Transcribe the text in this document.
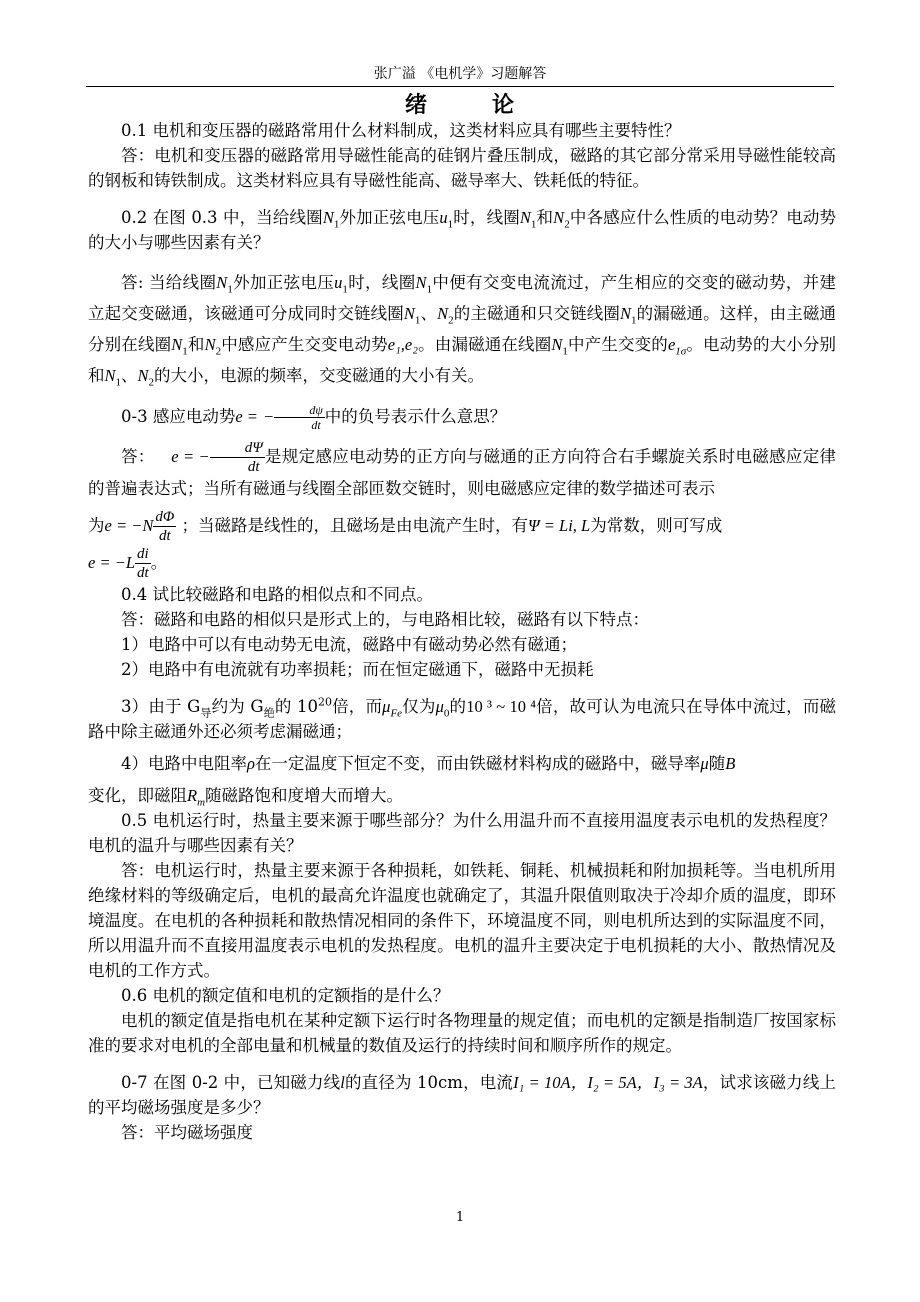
张广溢 《电机学》习题解答
绪	论

0.1 电机和变压器的磁路常用什么材料制成，这类材料应具有哪些主要特性？

答：电机和变压器的磁路常用导磁性能高的硅钢片叠压制成，磁路的其它部分常采用导磁性能较高的钢板和铸铁制成。这类材料应具有导磁性能高、磁导率大、铁耗低的特征。

0.2 在图 0.3 中，当给线圈$N_1$外加正弦电压$u_1$时，线圈$N_1$和$N_2$中各感应什么性质的电动势？电动势的大小与哪些因素有关？

答: 当给线圈$N_1$外加正弦电压$u_1$时，线圈$N_1$中便有交变电流流过，产生相应的交变的磁动势，并建立起交变磁通，该磁通可分成同时交链线圈$N_1$、$N_2$的主磁通和只交链线圈$N_1$的漏磁通。这样，由主磁通分别在线圈$N_1$和$N_2$中感应产生交变电动势e₁,e₂。由漏磁通在线圈$N_1$中产生交变的$e_{1\sigma}$。电动势的大小分别和$N_1$、$N_2$的大小，电源的频率，交变磁通的大小有关。

0-3 感应电动势e = − $\frac{d\psi}{dt}$ 中的负号表示什么意思？

答： e = − $\frac{d\Psi}{dt}$ 是规定感应电动势的正方向与磁通的正方向符合右手螺旋关系时电磁感应定律的普遍表达式；当所有磁通与线圈全部匝数交链时，则电磁感应定律的数学描述可表示

为$e = -N \frac{d\Phi}{dt}$ ；当磁路是线性的，且磁场是由电流产生时，有Ψ = Li, L为常数，则可写成

$e = -L \frac{di}{dt}$ 。

0.4 试比较磁路和电路的相似点和不同点。

答：磁路和电路的相似只是形式上的，与电路相比较，磁路有以下特点：

1）电路中可以有电动势无电流，磁路中有磁动势必然有磁通；

2）电路中有电流就有功率损耗；而在恒定磁通下，磁路中无损耗

3）由于 $G_导$约为 $G_绝$的 $10^{20}$倍，而$\mu_{Fe}$仅为$\mu_0$的10 ³ ~ 10 ⁴倍，故可认为电流只在导体中流过，而磁路中除主磁通外还必须考虑漏磁通；

4）电路中电阻率ρ在一定温度下恒定不变，而由铁磁材料构成的磁路中，磁导率μ随B

变化，即磁阻$R_m$随磁路饱和度增大而增大。

0.5 电机运行时，热量主要来源于哪些部分？为什么用温升而不直接用温度表示电机的发热程度？电机的温升与哪些因素有关？

答：电机运行时，热量主要来源于各种损耗，如铁耗、铜耗、机械损耗和附加损耗等。当电机所用绝缘材料的等级确定后，电机的最高允许温度也就确定了，其温升限值则取决于冷却介质的温度，即环境温度。在电机的各种损耗和散热情况相同的条件下，环境温度不同，则电机所达到的实际温度不同，所以用温升而不直接用温度表示电机的发热程度。电机的温升主要决定于电机损耗的大小、散热情况及电机的工作方式。

0.6 电机的额定值和电机的定额指的是什么？

电机的额定值是指电机在某种定额下运行时各物理量的规定值；而电机的定额是指制造厂按国家标准的要求对电机的全部电量和机械量的数值及运行的持续时间和顺序所作的规定。

0-7 在图 0-2 中，已知磁力线l的直径为 10cm，电流I₁ = 10A，I₂ = 5A，I₃ = 3A，试求该磁力线上的平均磁场强度是多少？

答：平均磁场强度

1
